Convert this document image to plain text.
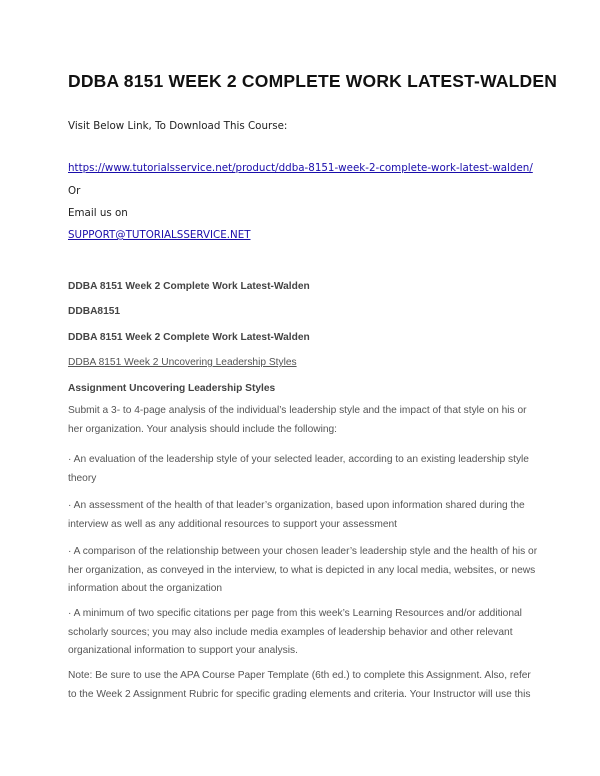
DDBA 8151 WEEK 2 COMPLETE WORK LATEST-WALDEN

Visit Below Link, To Download This Course:

https://www.tutorialsservice.net/product/ddba-8151-week-2-complete-work-latest-walden/

Or

Email us on

SUPPORT@TUTORIALSSERVICE.NET

DDBA 8151 Week 2 Complete Work Latest-Walden

DDBA8151

DDBA 8151 Week 2 Complete Work Latest-Walden

DDBA 8151 Week 2 Uncovering Leadership Styles

Assignment Uncovering Leadership Styles

Submit a 3- to 4-page analysis of the individual’s leadership style and the impact of that style on his or her organization. Your analysis should include the following:

· An evaluation of the leadership style of your selected leader, according to an existing leadership style theory

· An assessment of the health of that leader’s organization, based upon information shared during the interview as well as any additional resources to support your assessment

· A comparison of the relationship between your chosen leader’s leadership style and the health of his or her organization, as conveyed in the interview, to what is depicted in any local media, websites, or news information about the organization

· A minimum of two specific citations per page from this week’s Learning Resources and/or additional scholarly sources; you may also include media examples of leadership behavior and other relevant organizational information to support your analysis.

Note: Be sure to use the APA Course Paper Template (6th ed.) to complete this Assignment. Also, refer to the Week 2 Assignment Rubric for specific grading elements and criteria. Your Instructor will use this
